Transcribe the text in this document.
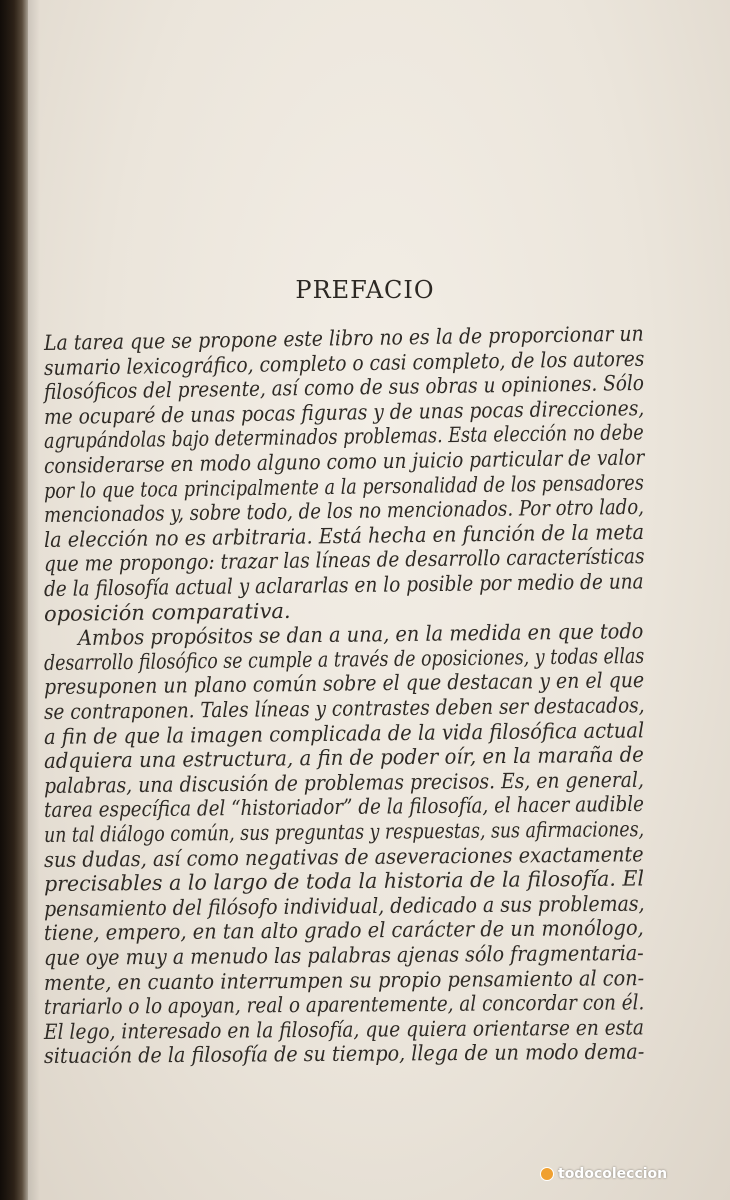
PREFACIO
La tarea que se propone este libro no es la de proporcionar un
sumario lexicográfico, completo o casi completo, de los autores
filosóficos del presente, así como de sus obras u opiniones. Sólo
me ocuparé de unas pocas figuras y de unas pocas direcciones,
agrupándolas bajo determinados problemas. Esta elección no debe
considerarse en modo alguno como un juicio particular de valor
por lo que toca principalmente a la personalidad de los pensadores
mencionados y, sobre todo, de los no mencionados. Por otro lado,
la elección no es arbitraria. Está hecha en función de la meta
que me propongo: trazar las líneas de desarrollo características
de la filosofía actual y aclararlas en lo posible por medio de una
oposición comparativa.
Ambos propósitos se dan a una, en la medida en que todo
desarrollo filosófico se cumple a través de oposiciones, y todas ellas
presuponen un plano común sobre el que destacan y en el que
se contraponen. Tales líneas y contrastes deben ser destacados,
a fin de que la imagen complicada de la vida filosófica actual
adquiera una estructura, a fin de poder oír, en la maraña de
palabras, una discusión de problemas precisos. Es, en general,
tarea específica del “historiador” de la filosofía, el hacer audible
un tal diálogo común, sus preguntas y respuestas, sus afirmaciones,
sus dudas, así como negativas de aseveraciones exactamente
precisables a lo largo de toda la historia de la filosofía. El
pensamiento del filósofo individual, dedicado a sus problemas,
tiene, empero, en tan alto grado el carácter de un monólogo,
que oye muy a menudo las palabras ajenas sólo fragmentaria-
mente, en cuanto interrumpen su propio pensamiento al con-
trariarlo o lo apoyan, real o aparentemente, al concordar con él.
El lego, interesado en la filosofía, que quiera orientarse en esta
situación de la filosofía de su tiempo, llega de un modo dema-
todocoleccion
